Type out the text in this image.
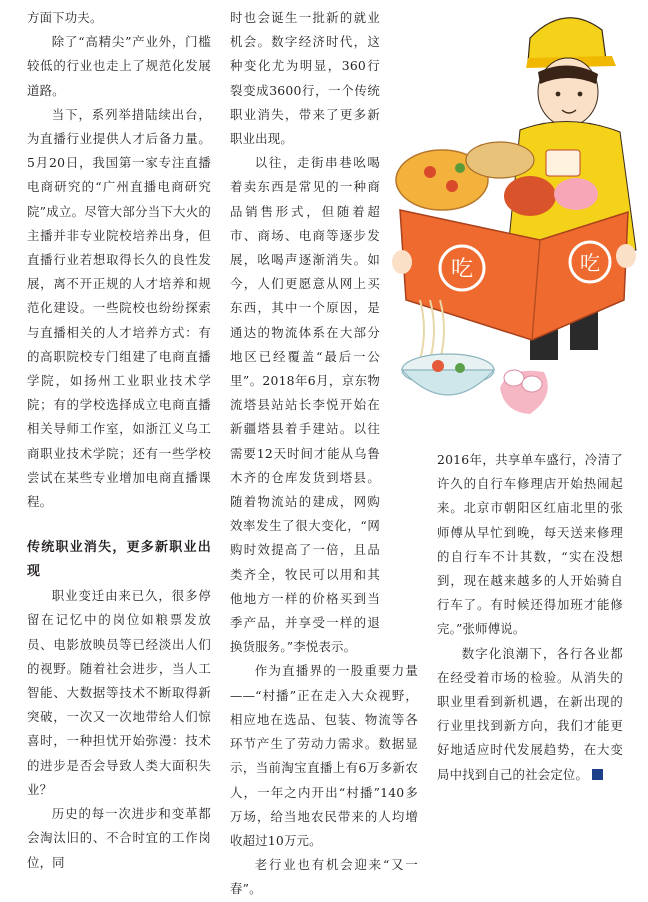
方面下功夫。

除了“高精尖”产业外，门槛较低的行业也走上了规范化发展道路。

当下，系列举措陆续出台，为直播行业提供人才后备力量。5月20日，我国第一家专注直播电商研究的“广州直播电商研究院”成立。尽管大部分当下大火的主播并非专业院校培养出身，但直播行业若想取得长久的良性发展，离不开正规的人才培养和规范化建设。一些院校也纷纷探索与直播相关的人才培养方式：有的高职院校专门组建了电商直播学院，如扬州工业职业技术学院；有的学校选择成立电商直播相关导师工作室，如浙江义乌工商职业技术学院；还有一些学校尝试在某些专业增加电商直播课程。

传统职业消失，更多新职业出现

职业变迁由来已久，很多停留在记忆中的岗位如粮票发放员、电影放映员等已经淡出人们的视野。随着社会进步，当人工智能、大数据等技术不断取得新突破，一次又一次地带给人们惊喜时，一种担忧开始弥漫：技术的进步是否会导致人类大面积失业？

历史的每一次进步和变革都会淘汰旧的、不合时宜的工作岗位，同

时也会诞生一批新的就业机会。数字经济时代，这种变化尤为明显，360行裂变成3600行，一个传统职业消失，带来了更多新职业出现。

以往，走街串巷吆喝着卖东西是常见的一种商品销售形式，但随着超市、商场、电商等逐步发展，吆喝声逐渐消失。如今，人们更愿意从网上买东西，其中一个原因，是通达的物流体系在大部分地区已经覆盖“最后一公里”。2018年6月，京东物流塔县站站长李悦开始在新疆塔县着手建站。以往需要12天时间才能从乌鲁木齐的仓库发货到塔县。随着物流站的建成，网购效率发生了很大变化，“网购时效提高了一倍，且品类齐全，牧民可以用和其他地方一样的价格买到当季产品，并享受一样的退换货服务。”李悦表示。

作为直播界的一股重要力量——“村播”正在走入大众视野，相应地在选品、包装、物流等各环节产生了劳动力需求。数据显示，当前淘宝直播上有6万多新农人，一年之内开出“村播”140多万场，给当地农民带来的人均增收超过10万元。

老行业也有机会迎来“又一春”。

2016年，共享单车盛行，冷清了许久的自行车修理店开始热闹起来。北京市朝阳区红庙北里的张师傅从早忙到晚，每天送来修理的自行车不计其数，“实在没想到，现在越来越多的人开始骑自行车了。有时候还得加班才能修完。”张师傅说。

数字化浪潮下，各行各业都在经受着市场的检验。从消失的职业里看到新机遇，在新出现的行业里找到新方向，我们才能更好地适应时代发展趋势，在大变局中找到自己的社会定位。

吃	吃
